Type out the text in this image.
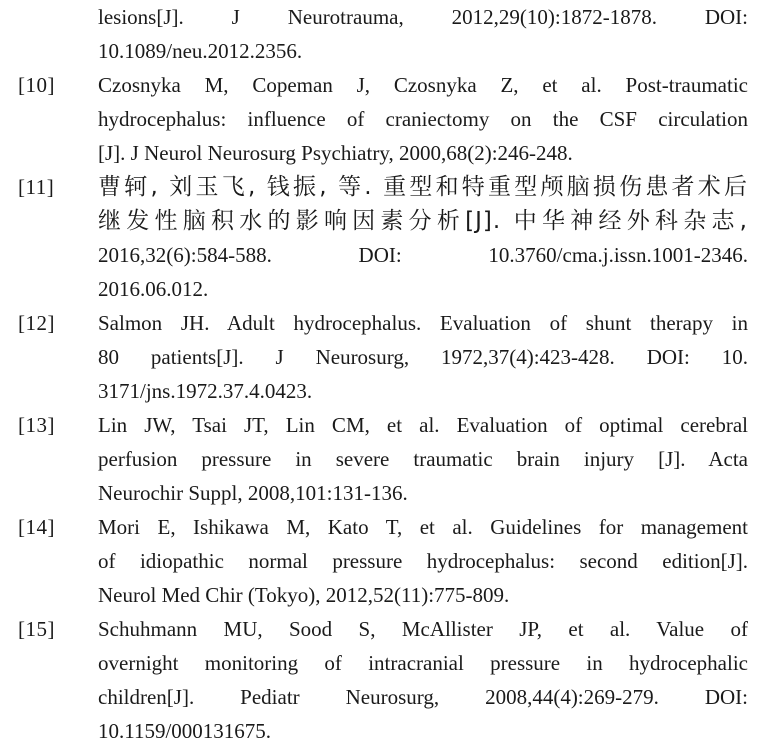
lesions[J]. J Neurotrauma, 2012,29(10):1872-1878. DOI:
10.1089/neu.2012.2356.
[10]	Czosnyka M, Copeman J, Czosnyka Z, et al. Post-traumatic
hydrocephalus: influence of craniectomy on the CSF circulation
[J]. J Neurol Neurosurg Psychiatry, 2000,68(2):246-248.
[11]	曹轲, 刘玉飞, 钱振, 等. 重型和特重型颅脑损伤患者术后
继发性脑积水的影响因素分析[J]. 中华神经外科杂志,
2016,32(6):584-588. DOI: 10.3760/cma.j.issn.1001-2346.
2016.06.012.
[12]	Salmon JH. Adult hydrocephalus. Evaluation of shunt therapy in
80 patients[J]. J Neurosurg, 1972,37(4):423-428. DOI: 10.
3171/jns.1972.37.4.0423.
[13]	Lin JW, Tsai JT, Lin CM, et al. Evaluation of optimal cerebral
perfusion pressure in severe traumatic brain injury [J]. Acta
Neurochir Suppl, 2008,101:131-136.
[14]	Mori E, Ishikawa M, Kato T, et al. Guidelines for management
of idiopathic normal pressure hydrocephalus: second edition[J].
Neurol Med Chir (Tokyo), 2012,52(11):775-809.
[15]	Schuhmann MU, Sood S, McAllister JP, et al. Value of
overnight monitoring of intracranial pressure in hydrocephalic
children[J]. Pediatr Neurosurg, 2008,44(4):269-279. DOI:
10.1159/000131675.
